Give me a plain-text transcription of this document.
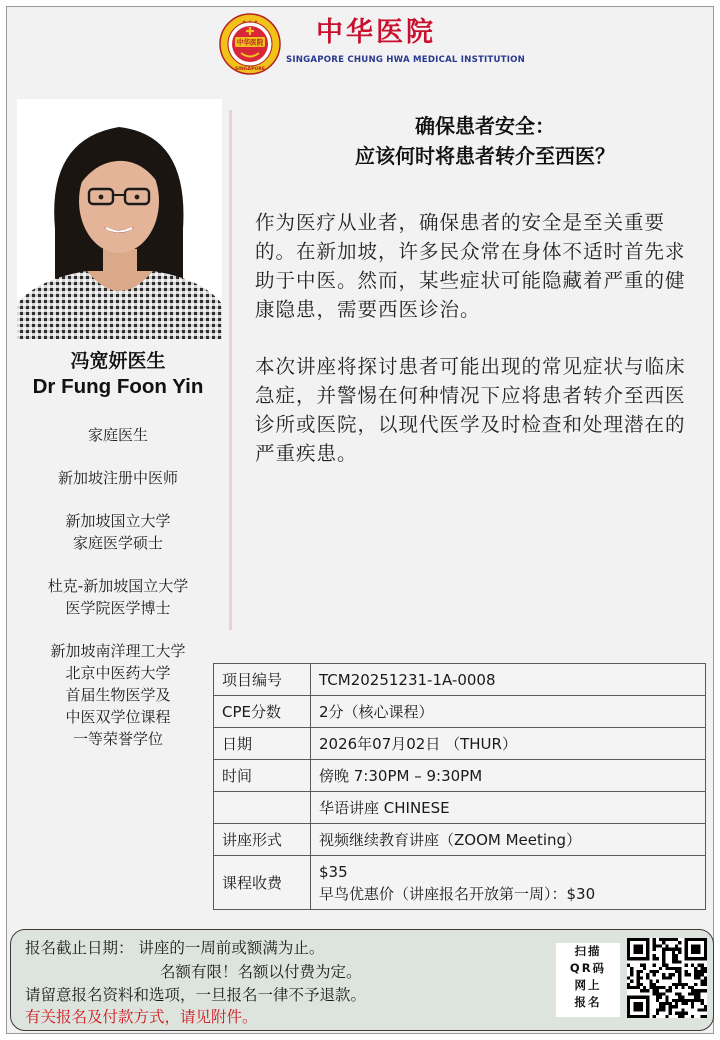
✦ ✦ ✦
SINGAPORE
中华医院 中华医院
SINGAPORE CHUNG HWA MEDICAL INSTITUTION
冯宽妍医生
Dr Fung Foon Yin
家庭医生
新加坡注册中医师
新加坡国立大学
家庭医学硕士
杜克-新加坡国立大学
医学院医学博士
新加坡南洋理工大学
北京中医药大学
首届生物医学及
中医双学位课程
一等荣誉学位
确保患者安全：
应该何时将患者转介至西医？
作为医疗从业者，确保患者的安全是至关重要的。在新加坡，许多民众常在身体不适时首先求助于中医。然而，某些症状可能隐藏着严重的健康隐患，需要西医诊治。
本次讲座将探讨患者可能出现的常见症状与临床急症，并警惕在何种情况下应将患者转介至西医诊所或医院，以现代医学及时检查和处理潜在的严重疾患。
项目编号	TCM20251231-1A-0008
CPE分数	2分（核心课程）
日期	2026年07月02日 （THUR）
时间	傍晚 7:30PM – 9:30PM
	华语讲座 CHINESE
讲座形式	视频继续教育讲座（ZOOM Meeting）
课程收费	$35
早鸟优惠价（讲座报名开放第一周）：$30
报名截止日期： 讲座的一周前或额满为止。
名额有限！名额以付费为定。
请留意报名资料和选项，一旦报名一律不予退款。
有关报名及付款方式，请见附件。
扫描
QR码
网上
报名
